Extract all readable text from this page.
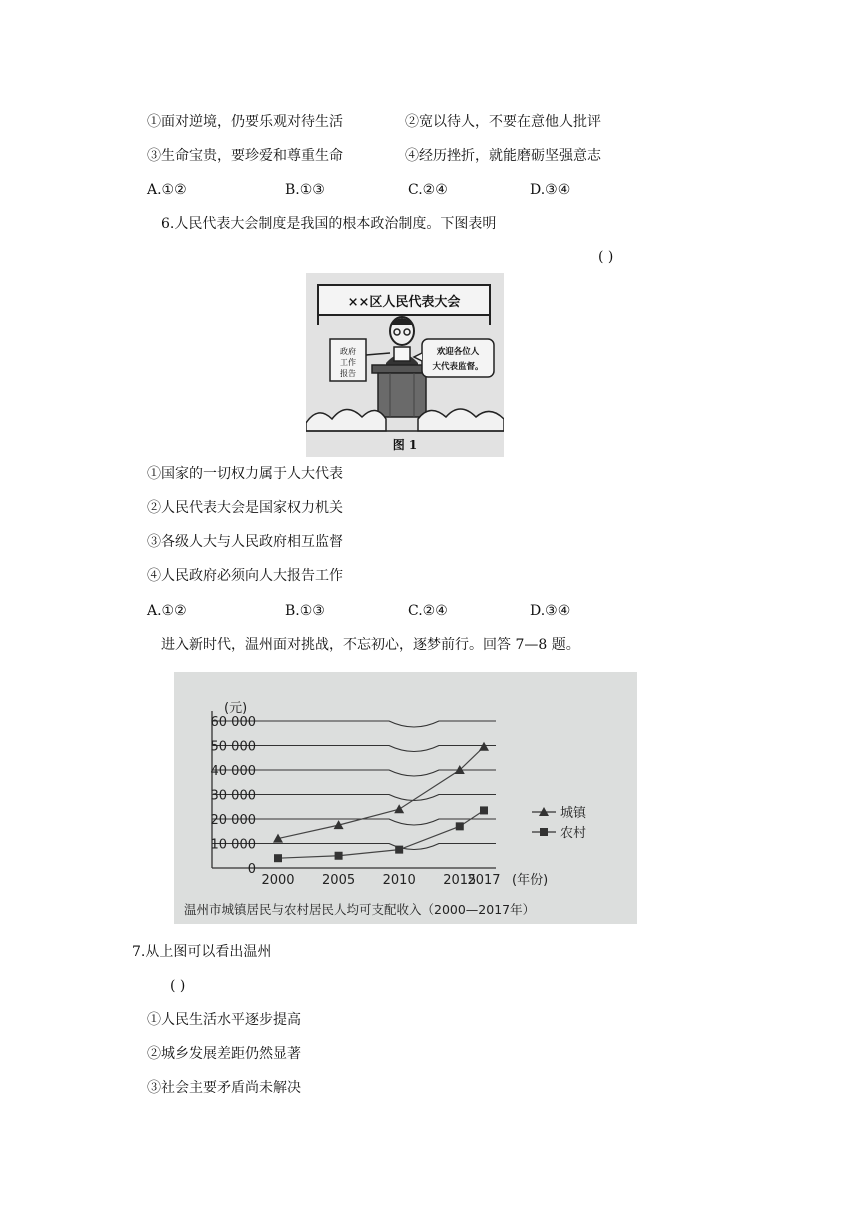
①面对逆境，仍要乐观对待生活	②宽以待人，不要在意他人批评
③生命宝贵，要珍爱和尊重生命	④经历挫折，就能磨砺坚强意志
A.①②	B.①③	C.②④	D.③④
6.人民代表大会制度是我国的根本政治制度。下图表明
( )
××区人民代表大会
政府
工作
报告
欢迎各位人
大代表监督。
图 1
①国家的一切权力属于人大代表
②人民代表大会是国家权力机关
③各级人大与人民政府相互监督
④人民政府必须向人大报告工作
A.①②	B.①③	C.②④	D.③④
进入新时代，温州面对挑战，不忘初心，逐梦前行。回答 7—8 题。
0
10 000
20 000
30 000
40 000
50 000
60 000
2000 2005 2010 2015
2017
城镇
农村
(元)
(年份)
温州市城镇居民与农村居民人均可支配收入（2000—2017年）
7.从上图可以看出温州
( )
①人民生活水平逐步提高
②城乡发展差距仍然显著
③社会主要矛盾尚未解决
